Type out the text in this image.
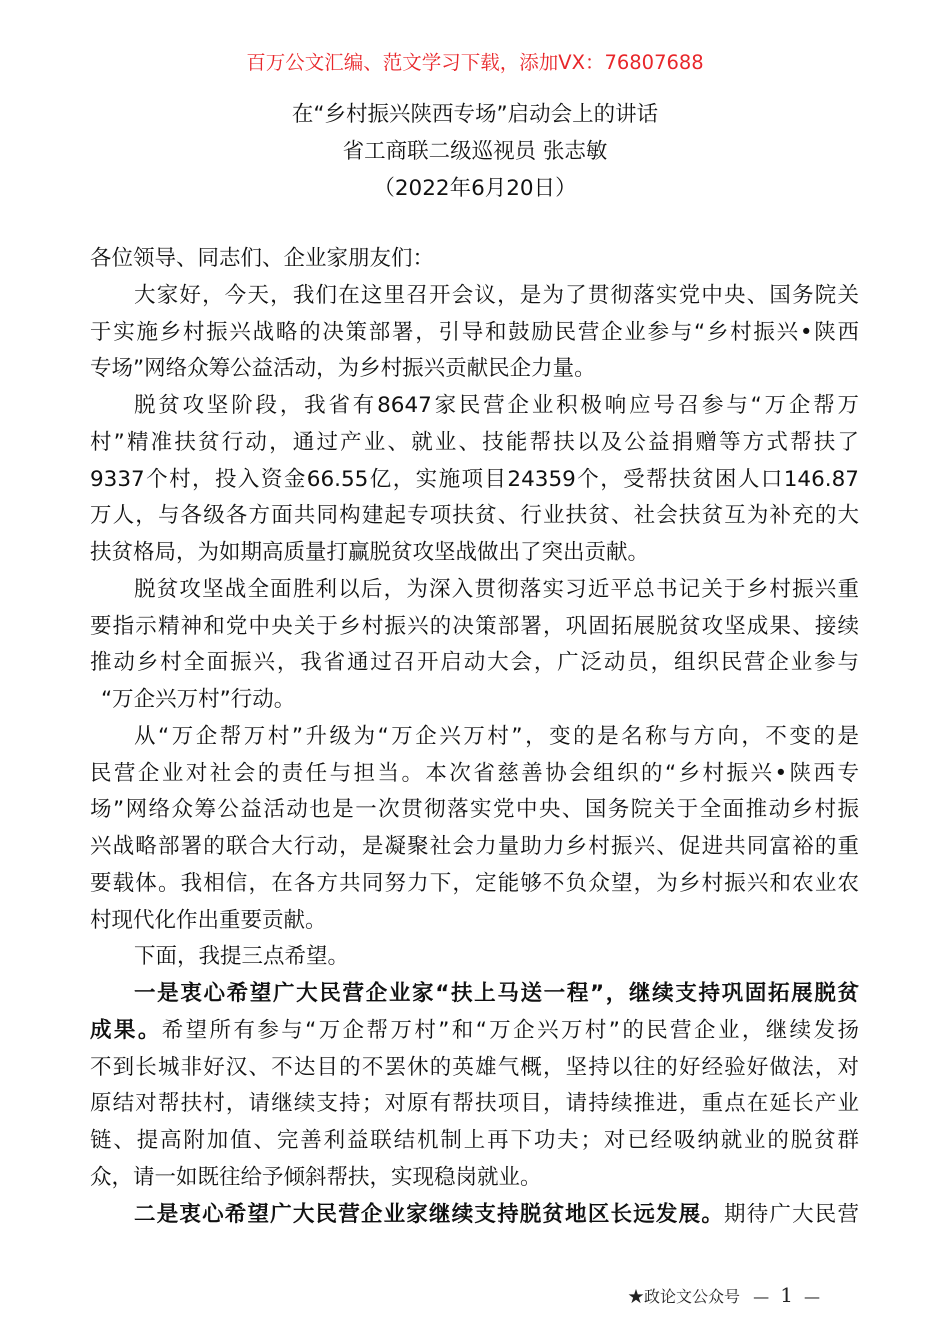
百万公文汇编、范文学习下载，添加VX：76807688
在“乡村振兴陕西专场”启动会上的讲话
省工商联二级巡视员 张志敏
（2022年6月20日）
各位领导、同志们、企业家朋友们：
大家好，今天，我们在这里召开会议，是为了贯彻落实党中央、国务院关
于实施乡村振兴战略的决策部署，引导和鼓励民营企业参与“乡村振兴•陕西
专场”网络众筹公益活动，为乡村振兴贡献民企力量。
脱贫攻坚阶段，我省有8647家民营企业积极响应号召参与“万企帮万
村”精准扶贫行动，通过产业、就业、技能帮扶以及公益捐赠等方式帮扶了
9337个村，投入资金66.55亿，实施项目24359个，受帮扶贫困人口146.87
万人，与各级各方面共同构建起专项扶贫、行业扶贫、社会扶贫互为补充的大
扶贫格局，为如期高质量打赢脱贫攻坚战做出了突出贡献。
脱贫攻坚战全面胜利以后，为深入贯彻落实习近平总书记关于乡村振兴重
要指示精神和党中央关于乡村振兴的决策部署，巩固拓展脱贫攻坚成果、接续
推动乡村全面振兴，我省通过召开启动大会，广泛动员，组织民营企业参与
“万企兴万村”行动。
从“万企帮万村”升级为“万企兴万村”，变的是名称与方向，不变的是
民营企业对社会的责任与担当。本次省慈善协会组织的“乡村振兴•陕西专
场”网络众筹公益活动也是一次贯彻落实党中央、国务院关于全面推动乡村振
兴战略部署的联合大行动，是凝聚社会力量助力乡村振兴、促进共同富裕的重
要载体。我相信，在各方共同努力下，定能够不负众望，为乡村振兴和农业农
村现代化作出重要贡献。
下面，我提三点希望。
一是衷心希望广大民营企业家“扶上马送一程”，继续支持巩固拓展脱贫
成果。希望所有参与“万企帮万村”和“万企兴万村”的民营企业，继续发扬
不到长城非好汉、不达目的不罢休的英雄气概，坚持以往的好经验好做法，对
原结对帮扶村，请继续支持；对原有帮扶项目，请持续推进，重点在延长产业
链、提高附加值、完善利益联结机制上再下功夫；对已经吸纳就业的脱贫群
众，请一如既往给予倾斜帮扶，实现稳岗就业。
二是衷心希望广大民营企业家继续支持脱贫地区长远发展。期待广大民营
★政论文公众号 — 1 —
